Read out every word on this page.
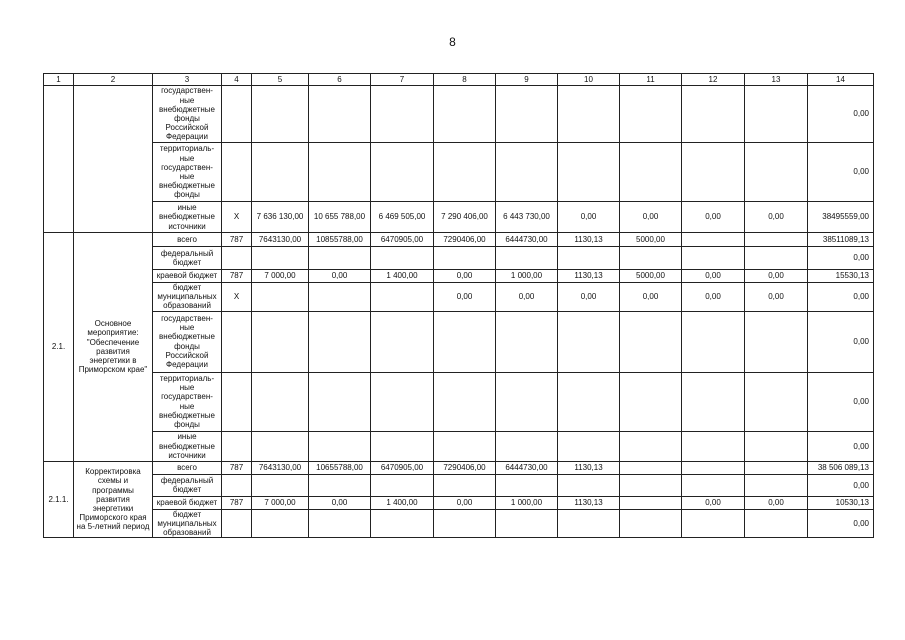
8
1	2	3	4	5	6	7	8	9	10	11	12	13	14
		государствен-ные внебюджетные фонды Российской Федерации											0,00
		территориаль-ные государствен-ные внебюджетные фонды											0,00
		иные внебюджетные источники	X	7 636 130,00	10 655 788,00	6 469 505,00	7 290 406,00	6 443 730,00	0,00	0,00	0,00	0,00	38495559,00
2.1.	Основное мероприятие: "Обеспечение развития энергетики в Приморском крае"	всего	787	7643130,00	10855788,00	6470905,00	7290406,00	6444730,00	1130,13	5000,00			38511089,13
		федеральный бюджет											0,00
		краевой бюджет	787	7 000,00	0,00	1 400,00	0,00	1 000,00	1130,13	5000,00	0,00	0,00	15530,13
		бюджет муниципальных образований	X				0,00	0,00	0,00	0,00	0,00	0,00	0,00
		государствен-ные внебюджетные фонды Российской Федерации											0,00
		территориаль-ные государствен-ные внебюджетные фонды											0,00
		иные внебюджетные источники											0,00
2.1.1.	Корректировка схемы и программы развития энергетики Приморского края на 5-летний период	всего	787	7643130,00	10655788,00	6470905,00	7290406,00	6444730,00	1130,13				38 506 089,13
		федеральный бюджет											0,00
		краевой бюджет	787	7 000,00	0,00	1 400,00	0,00	1 000,00	1130,13		0,00	0,00	10530,13
		бюджет муниципальных образований											0,00
